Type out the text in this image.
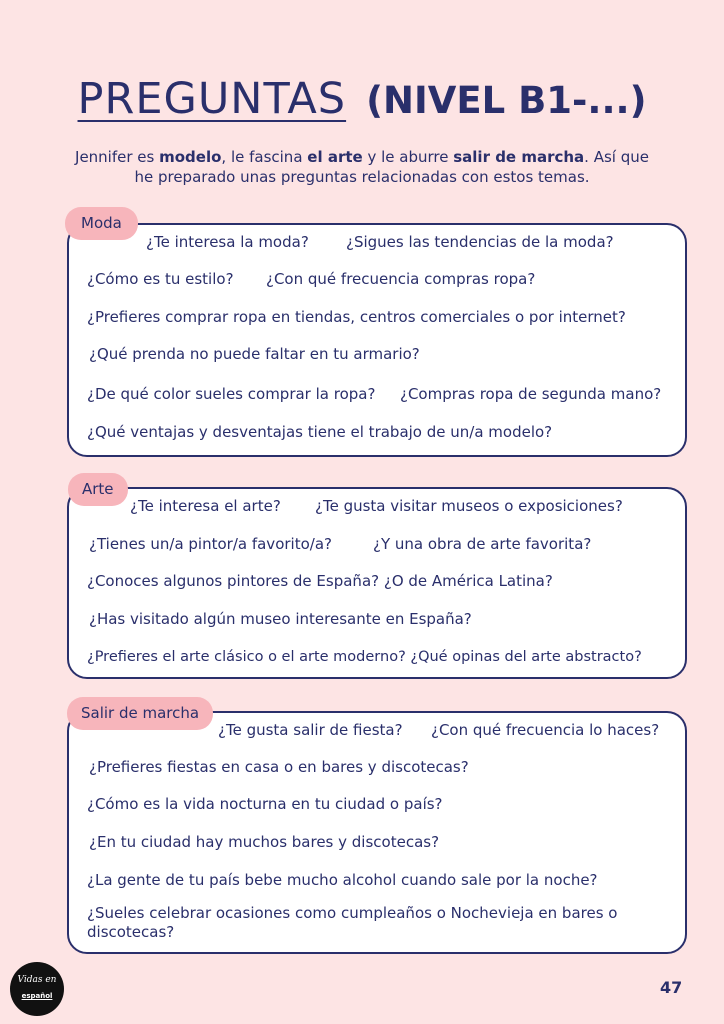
PREGUNTAS (NIVEL B1-...)
Jennifer es modelo, le fascina el arte y le aburre salir de marcha. Así que
he preparado unas preguntas relacionadas con estos temas.
Moda
¿Te interesa la moda? ¿Sigues las tendencias de la moda?
¿Cómo es tu estilo? ¿Con qué frecuencia compras ropa?
¿Prefieres comprar ropa en tiendas, centros comerciales o por internet?
¿Qué prenda no puede faltar en tu armario?
¿De qué color sueles comprar la ropa? ¿Compras ropa de segunda mano?
¿Qué ventajas y desventajas tiene el trabajo de un/a modelo?
Arte
¿Te interesa el arte? ¿Te gusta visitar museos o exposiciones?
¿Tienes un/a pintor/a favorito/a?	¿Y una obra de arte favorita?
¿Conoces algunos pintores de España? ¿O de América Latina?
¿Has visitado algún museo interesante en España?
¿Prefieres el arte clásico o el arte moderno? ¿Qué opinas del arte abstracto?
Salir de marcha
¿Te gusta salir de fiesta? ¿Con qué frecuencia lo haces?
¿Prefieres fiestas en casa o en bares y discotecas?
¿Cómo es la vida nocturna en tu ciudad o país?
¿En tu ciudad hay muchos bares y discotecas?
¿La gente de tu país bebe mucho alcohol cuando sale por la noche?
¿Sueles celebrar ocasiones como cumpleaños o Nochevieja en bares o discotecas?
Vidas en
español	47
